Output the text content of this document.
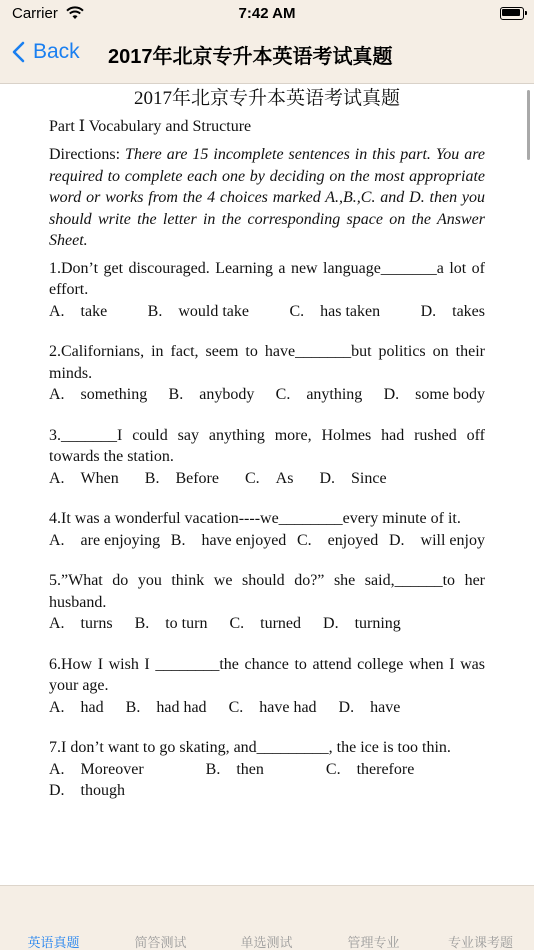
Carrier	7:42 AM
Back 2017年北京专升本英语考试真题
2017年北京专升本英语考试真题
Part Ⅰ Vocabulary and Structure
Directions: There are 15 incomplete sentences in this part. You are required to complete each one by deciding on the most appropriate word or works from the 4 choices marked A.,B.,C. and D. then you should write the letter in the corresponding space on the Answer Sheet.
1.Don’t get discouraged. Learning a new language_______a lot of effort.
A.　take	B.　would take	C.　has taken	D.　takes
2.Californians, in fact, seem to have_______but politics on their minds.
A.　something B.　anybody C.　anything D.　some body
3._______I could say anything more, Holmes had rushed off towards the station.
A.　When B.　Before C.　As D.　Since
4.It was a wonderful vacation----we________every minute of it.
A.　are enjoying B.　have enjoyed C.　enjoyed D.　will enjoy
5.”What do you think we should do?” she said,______to her husband.
A.　turns B.　to turn C.　turned D.　turning
6.How I wish I ________the chance to attend college when I was your age.
A.　had B.　had had C.　have had D.　have
7.I don’t want to go skating, and_________, the ice is too thin.
A.　Moreover	B.　then	C.　therefore
D.　though
英语真题	简答测试	单选测试	管理专业	专业课考题
